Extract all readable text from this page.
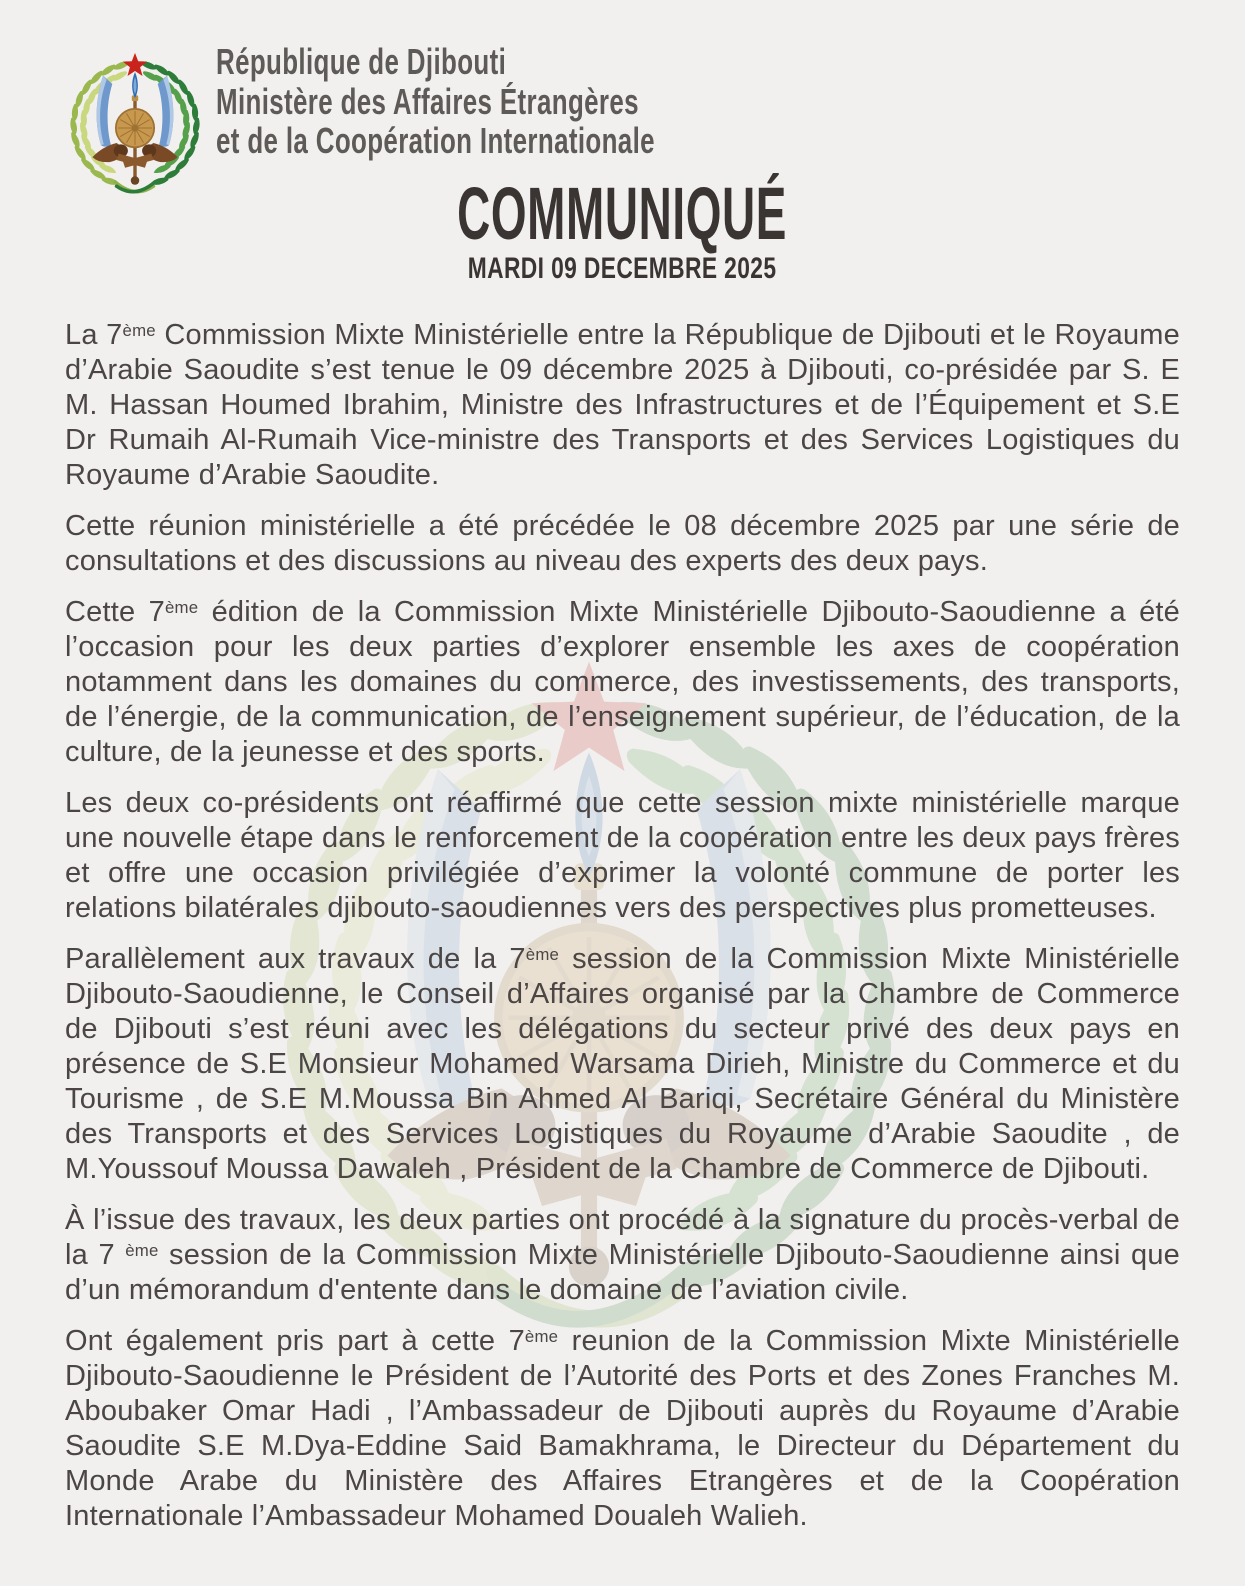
République de Djibouti
Ministère des Affaires Étrangères
et de la Coopération Internationale
COMMUNIQUÉ
MARDI 09 DECEMBRE 2025

La 7ème Commission Mixte Ministérielle entre la République de Djibouti et le Royaume d’Arabie Saoudite s’est tenue le 09 décembre 2025 à Djibouti, co-présidée par S. E M. Hassan Houmed Ibrahim, Ministre des Infrastructures et de l’Équipement et S.E Dr Rumaih Al-Rumaih Vice-ministre des Transports et des Services Logistiques du Royaume d’Arabie Saoudite.

Cette réunion ministérielle a été précédée le 08 décembre 2025 par une série de consultations et des discussions au niveau des experts des deux pays.

Cette 7ème édition de la Commission Mixte Ministérielle Djibouto-Saoudienne a été l’occasion pour les deux parties d’explorer ensemble les axes de coopération notamment dans les domaines du commerce, des investissements, des transports, de l’énergie, de la communication, de l’enseignement supérieur, de l’éducation, de la culture, de la jeunesse et des sports.

Les deux co-présidents ont réaffirmé que cette session mixte ministérielle marque une nouvelle étape dans le renforcement de la coopération entre les deux pays frères et offre une occasion privilégiée d’exprimer la volonté commune de porter les relations bilatérales djibouto-saoudiennes vers des perspectives plus prometteuses.

Parallèlement aux travaux de la 7ème session de la Commission Mixte Ministérielle Djibouto-Saoudienne, le Conseil d’Affaires organisé par la Chambre de Commerce de Djibouti s’est réuni avec les délégations du secteur privé des deux pays en présence de S.E Monsieur Mohamed Warsama Dirieh, Ministre du Commerce et du Tourisme , de S.E M.Moussa Bin Ahmed Al Bariqi, Secrétaire Général du Ministère des Transports et des Services Logistiques du Royaume d’Arabie Saoudite , de M.Youssouf Moussa Dawaleh , Président de la Chambre de Commerce de Djibouti.

À l’issue des travaux, les deux parties ont procédé à la signature du procès-verbal de la 7 $^{ème}$ session de la Commission Mixte Ministérielle Djibouto-Saoudienne ainsi que d’un mémorandum d'entente dans le domaine de l’aviation civile.

Ont également pris part à cette 7ème reunion de la Commission Mixte Ministérielle Djibouto-Saoudienne le Président de l’Autorité des Ports et des Zones Franches M. Aboubaker Omar Hadi , l’Ambassadeur de Djibouti auprès du Royaume d’Arabie Saoudite S.E M.Dya-Eddine Said Bamakhrama, le Directeur du Département du Monde Arabe du Ministère des Affaires Etrangères et de la Coopération Internationale l’Ambassadeur Mohamed Doualeh Walieh.
